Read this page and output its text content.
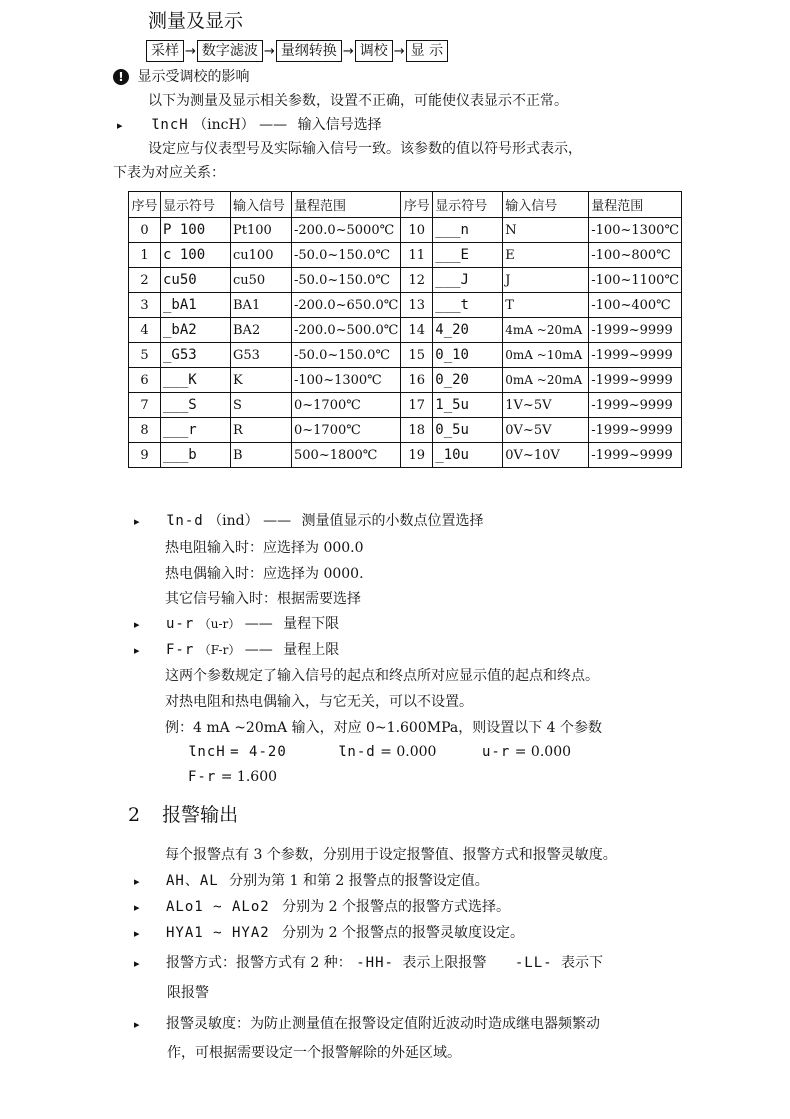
测量及显示
采样 → 数字滤波 → 量纲转换 → 调校 → 显 示
! 显示受调校的影响
以下为测量及显示相关参数，设置不正确，可能使仪表显示不正常。
▸ ƖncH （incH） —— 输入信号选择
设定应与仪表型号及实际输入信号一致。该参数的值以符号形式表示，
下表为对应关系：
序号	显示符号	输入信号	量程范围	序号	显示符号	输入信号	量程范围
0	P 100	Pt100	-200.0~5000℃	10	___n	N	-100~1300℃
1	c 100	cu100	-50.0~150.0℃	11	___E	E	-100~800℃
2	cu50	cu50	-50.0~150.0℃	12	___J	J	-100~1100℃
3	_bA1	BA1	-200.0~650.0℃	13	___t	T	-100~400℃
4	_bA2	BA2	-200.0~500.0℃	14	4_20	4mA ~20mA	-1999~9999
5	_G53	G53	-50.0~150.0℃	15	0_10	0mA ~10mA	-1999~9999
6	___K	K	-100~1300℃	16	0_20	0mA ~20mA	-1999~9999
7	___S	S	0~1700℃	17	1_5u	1V~5V	-1999~9999
8	___r	R	0~1700℃	18	0_5u	0V~5V	-1999~9999
9	___b	B	500~1800℃	19	_10u	0V~10V	-1999~9999
▸ Ɩn-d （ind） —— 测量值显示的小数点位置选择
热电阻输入时：应选择为 000.0
热电偶输入时：应选择为 0000.
其它信号输入时：根据需要选择
▸ u-r （u-r） —— 量程下限
▸ F-r （F-r） —— 量程上限
这两个参数规定了输入信号的起点和终点所对应显示值的起点和终点。
对热电阻和热电偶输入，与它无关，可以不设置。
例：4 mA ~20mA 输入，对应 0~1.600MPa，则设置以下 4 个参数
ƖncH = 4-20	Ɩn-d = 0.000	u-r = 0.000
F-r = 1.600
2 报警输出
每个报警点有 3 个参数，分别用于设定报警值、报警方式和报警灵敏度。
▸ AH、AL 分别为第 1 和第 2 报警点的报警设定值。
▸ ALo1 ~ ALo2 分别为 2 个报警点的报警方式选择。
▸ HYA1 ~ HYA2 分别为 2 个报警点的报警灵敏度设定。
▸ 报警方式：报警方式有 2 种： -HH- 表示上限报警 -LL- 表示下
限报警
▸ 报警灵敏度：为防止测量值在报警设定值附近波动时造成继电器频繁动
作，可根据需要设定一个报警解除的外延区域。
